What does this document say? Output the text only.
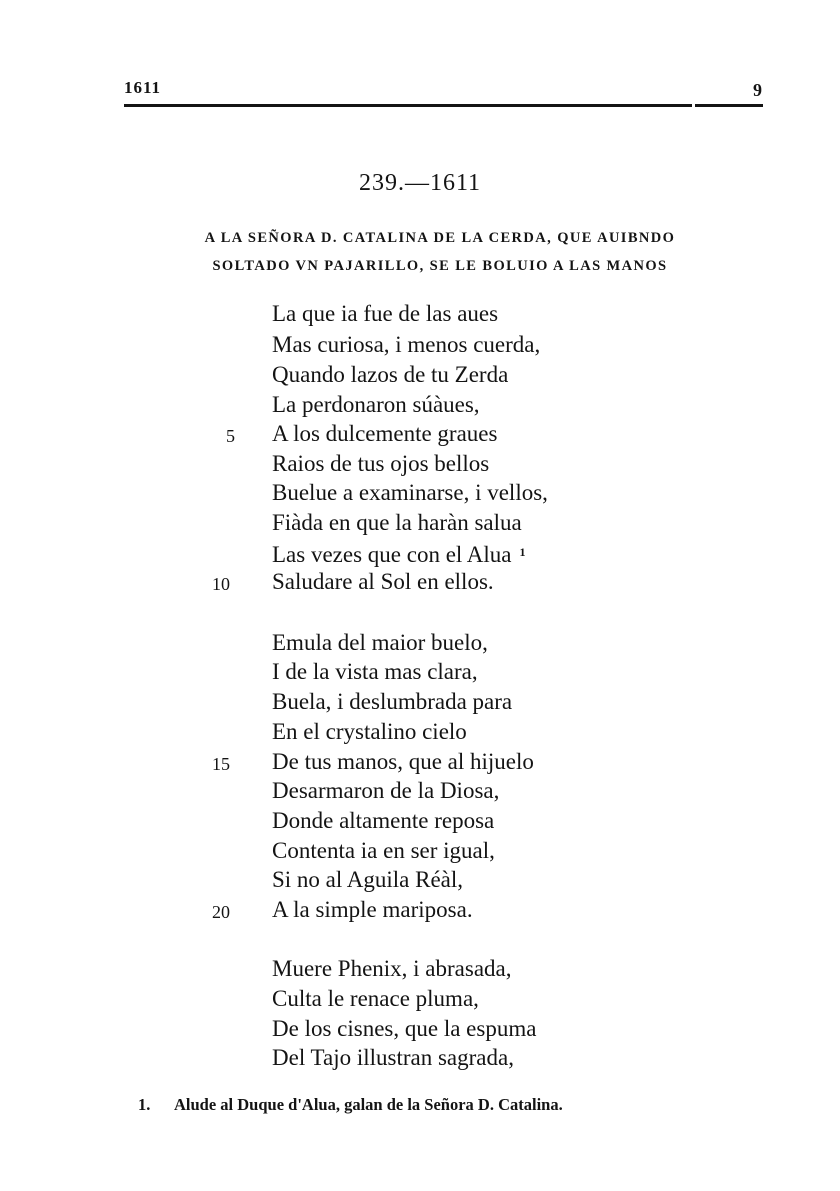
1611	9
239.—1611
A LA SEÑORA D. CATALINA DE LA CERDA, QUE AUIBNDO
SOLTADO VN PAJARILLO, SE LE BOLUIO A LAS MANOS
La que ia fue de las aues
Mas curiosa, i menos cuerda,
Quando lazos de tu Zerda
La perdonaron súàues,
A los dulcemente graues
Raios de tus ojos bellos
Buelue a examinarse, i vellos,
Fiàda en que la haràn salua
Las vezes que con el Alua $^1$
Saludare al Sol en ellos.
Emula del maior buelo,
I de la vista mas clara,
Buela, i deslumbrada para
En el crystalino cielo
De tus manos, que al hijuelo
Desarmaron de la Diosa,
Donde altamente reposa
Contenta ia en ser igual,
Si no al Aguila Réàl,
A la simple mariposa.
Muere Phenix, i abrasada,
Culta le renace pluma,
De los cisnes, que la espuma
Del Tajo illustran sagrada,
5
10
15
20
1. Alude al Duque d'Alua, galan de la Señora D. Catalina.
